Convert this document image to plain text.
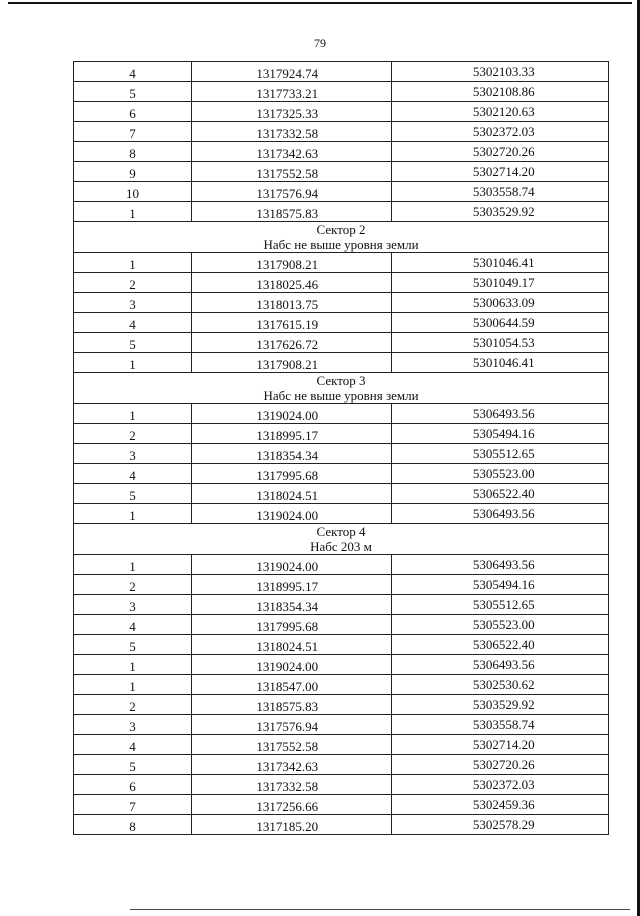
79
4	1317924.74	5302103.33
5	1317733.21	5302108.86
6	1317325.33	5302120.63
7	1317332.58	5302372.03
8	1317342.63	5302720.26
9	1317552.58	5302714.20
10	1317576.94	5303558.74
1	1318575.83	5303529.92

Сектор 2
Набс не выше уровня земли		

1	1317908.21	5301046.41
2	1318025.46	5301049.17
3	1318013.75	5300633.09
4	1317615.19	5300644.59
5	1317626.72	5301054.53
1	1317908.21	5301046.41

Сектор 3
Набс не выше уровня земли		

1	1319024.00	5306493.56
2	1318995.17	5305494.16
3	1318354.34	5305512.65
4	1317995.68	5305523.00
5	1318024.51	5306522.40
1	1319024.00	5306493.56

Сектор 4
Набс 203 м		

1	1319024.00	5306493.56
2	1318995.17	5305494.16
3	1318354.34	5305512.65
4	1317995.68	5305523.00
5	1318024.51	5306522.40
1	1319024.00	5306493.56
1	1318547.00	5302530.62
2	1318575.83	5303529.92
3	1317576.94	5303558.74
4	1317552.58	5302714.20
5	1317342.63	5302720.26
6	1317332.58	5302372.03
7	1317256.66	5302459.36
8	1317185.20	5302578.29
